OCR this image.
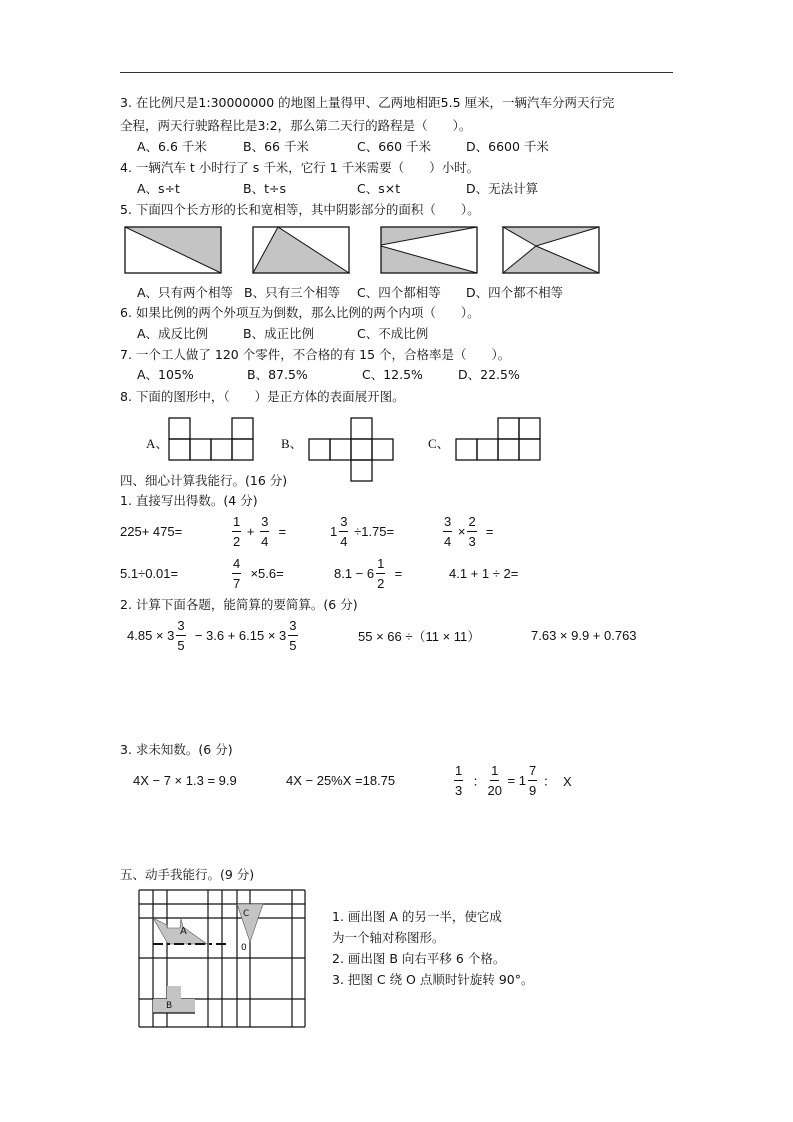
3. 在比例尺是1:30000000 的地图上量得甲、乙两地相距5.5 厘米，一辆汽车分两天行完
全程，两天行驶路程比是3:2，那么第二天行的路程是（　　）。
A、6.6 千米	B、66 千米	C、660 千米	D、6600 千米
4. 一辆汽车 t 小时行了 s 千米，它行 1 千米需要（　　）小时。
A、s÷t	B、t÷s	C、s×t	D、无法计算
5. 下面四个长方形的长和宽相等，其中阴影部分的面积（　　）。
A、只有两个相等 B、只有三个相等 C、四个都相等 D、四个都不相等
6. 如果比例的两个外项互为倒数，那么比例的两个内项（　　）。
A、成反比例	B、成正比例	C、不成比例
7. 一个工人做了 120 个零件，不合格的有 15 个，合格率是（　　）。
A、105%	B、87.5%	C、12.5%	D、22.5%
8. 下面的图形中，（　　）是正方体的表面展开图。
A、	B、	C、
四、细心计算我能行。(16 分)
1. 直接写出得数。(4 分)
225+ 475=	$\frac{1}{2} + \frac{3}{4}$ =	$1 \frac{3}{4} \div 1.75=$	$\frac{3}{4} \times \frac{2}{3}$ =
5.1÷0.01=	$\frac{4}{7} \times 5.6=$	$8.1 - 6 \frac{1}{2}$ =	4.1 + 1 ÷ 2=
2. 计算下面各题，能简算的要简算。(6 分)
$4.85 \times 3 \frac{3}{5} - 3.6 + 6.15 \times 3 \frac{3}{5}$	55 × 66 ÷（11 × 11）	7.63 × 9.9 + 0.763
3. 求未知数。(6 分)
4X − 7 × 1.3 = 9.9	4X − 25%X =18.75	$\frac{1}{3}$ ： $\frac{1}{20} = 1 \frac{7}{9}$ ：  X
五、动手我能行。(9 分)
A
B
C
0
1. 画出图 A 的另一半，使它成
为一个轴对称图形。
2. 画出图 B 向右平移 6 个格。
3. 把图 C 绕 O 点顺时针旋转 90°。
